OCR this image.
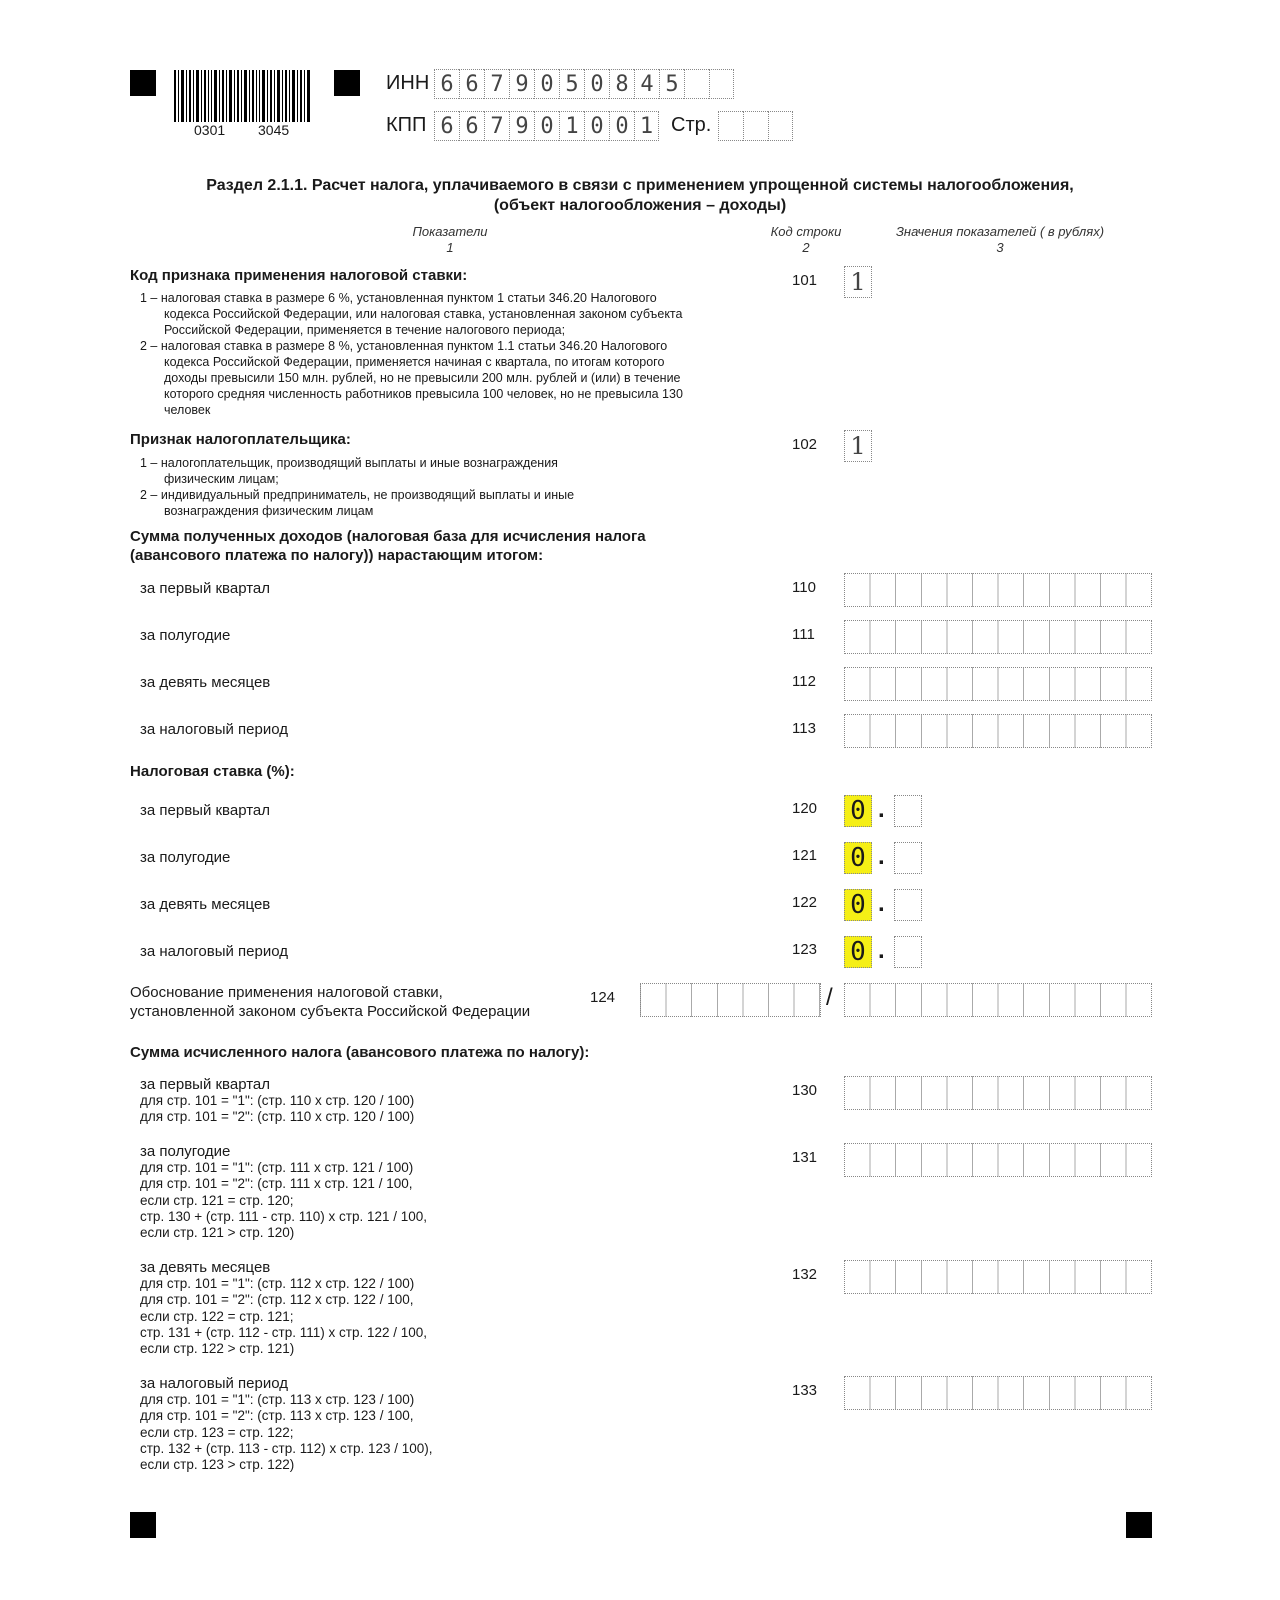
0301 3045
ИНН 6 6 7 9 0 5 0 8 4 5
КПП 6 6 7 9 0 1 0 0 1 Стр.
Раздел 2.1.1. Расчет налога, уплачиваемого в связи с применением упрощенной системы налогообложения,
(объект налогообложения – доходы)
Показатели
1
Код строки
2
Значения показателей ( в рублях)
3
Код признака применения налоговой ставки:
1 – налоговая ставка в размере 6 %, установленная пунктом 1 статьи 346.20 Налогового
кодекса Российской Федерации, или налоговая ставка, установленная законом субъекта
Российской Федерации, применяется в течение налогового периода;
2 – налоговая ставка в размере 8 %, установленная пунктом 1.1 статьи 346.20 Налогового
кодекса Российской Федерации, применяется начиная с квартала, по итогам которого
доходы превысили 150 млн. рублей, но не превысили 200 млн. рублей и (или) в течение
которого средняя численность работников превысила 100 человек, но не превысила 130
человек
101 1
Признак налогоплательщика:
1 – налогоплательщик, производящий выплаты и иные вознаграждения
физическим лицам;
2 – индивидуальный предприниматель, не производящий выплаты и иные
вознаграждения физическим лицам
102 1
Сумма полученных доходов (налоговая база для исчисления налога
(авансового платежа по налогу)) нарастающим итогом:
за первый квартал	110
за полугодие	111
за девять месяцев	112
за налоговый период	113
Налоговая ставка (%):
за первый квартал	120 0 .
за полугодие	121 0 .
за девять месяцев	122 0 .
за налоговый период	123 0 .
Обоснование применения налоговой ставки,
установленной законом субъекта Российской Федерации
124	/
Сумма исчисленного налога (авансового платежа по налогу):
за первый квартал
для стр. 101 = "1": (стр. 110 х стр. 120 / 100)
для стр. 101 = "2": (стр. 110 х стр. 120 / 100)
130
за полугодие
для стр. 101 = "1": (стр. 111 х стр. 121 / 100)
для стр. 101 = "2": (стр. 111 х стр. 121 / 100,
если стр. 121 = стр. 120;
стр. 130 + (стр. 111 - стр. 110) х стр. 121 / 100,
если стр. 121 > стр. 120)
131
за девять месяцев
для стр. 101 = "1": (стр. 112 х стр. 122 / 100)
для стр. 101 = "2": (стр. 112 х стр. 122 / 100,
если стр. 122 = стр. 121;
стр. 131 + (стр. 112 - стр. 111) х стр. 122 / 100,
если стр. 122 > стр. 121)
132
за налоговый период
для стр. 101 = "1": (стр. 113 х стр. 123 / 100)
для стр. 101 = "2": (стр. 113 х стр. 123 / 100,
если стр. 123 = стр. 122;
стр. 132 + (стр. 113 - стр. 112) х стр. 123 / 100),
если стр. 123 > стр. 122)
133
